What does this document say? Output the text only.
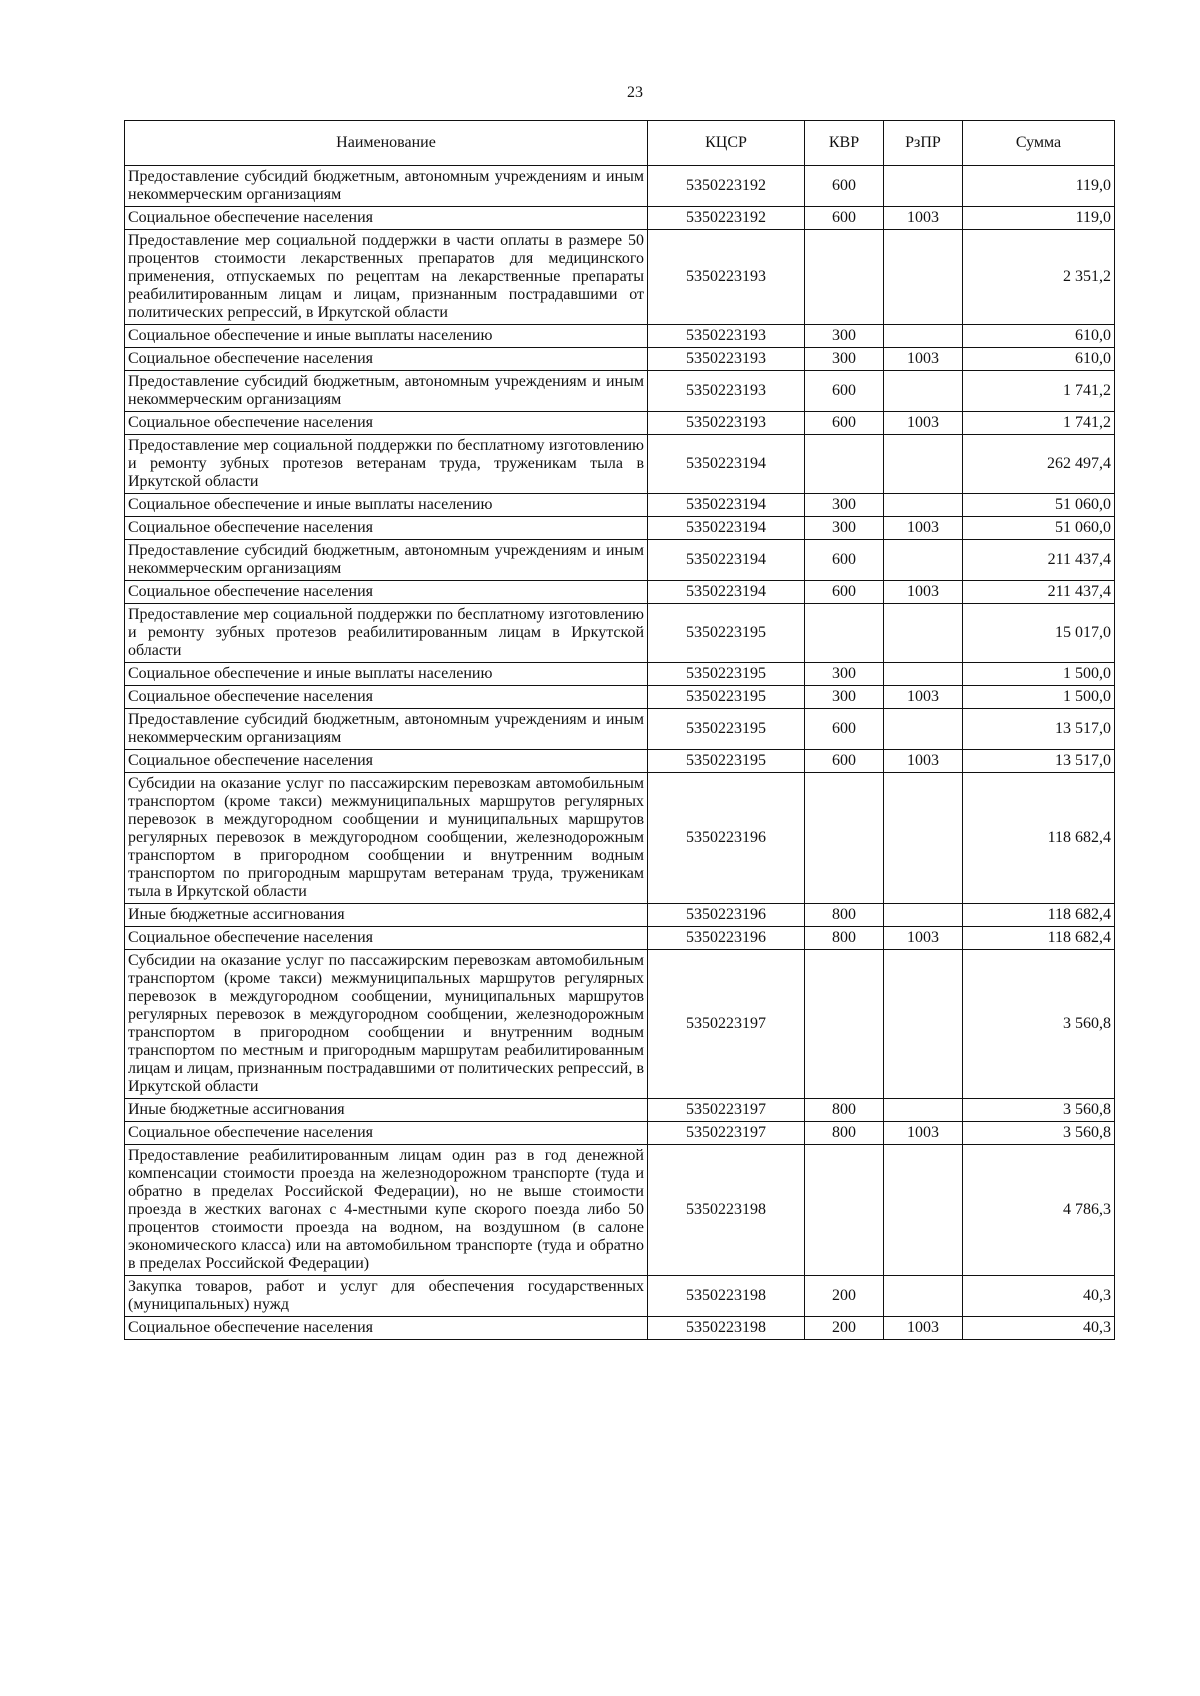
23
Наименование	КЦСР	КВР	РзПР	Сумма
Предоставление субсидий бюджетным, автономным учреждениям и иным некоммерческим организациям	5350223192	600		119,0
Социальное обеспечение населения	5350223192	600	1003	119,0
Предоставление мер социальной поддержки в части оплаты в размере 50 процентов стоимости лекарственных препаратов для медицинского применения, отпускаемых по рецептам на лекарственные препараты реабилитированным лицам и лицам, признанным пострадавшими от политических репрессий, в Иркутской области	5350223193			2 351,2
Социальное обеспечение и иные выплаты населению	5350223193	300		610,0
Социальное обеспечение населения	5350223193	300	1003	610,0
Предоставление субсидий бюджетным, автономным учреждениям и иным некоммерческим организациям	5350223193	600		1 741,2
Социальное обеспечение населения	5350223193	600	1003	1 741,2
Предоставление мер социальной поддержки по бесплатному изготовлению и ремонту зубных протезов ветеранам труда, труженикам тыла в Иркутской области	5350223194			262 497,4
Социальное обеспечение и иные выплаты населению	5350223194	300		51 060,0
Социальное обеспечение населения	5350223194	300	1003	51 060,0
Предоставление субсидий бюджетным, автономным учреждениям и иным некоммерческим организациям	5350223194	600		211 437,4
Социальное обеспечение населения	5350223194	600	1003	211 437,4
Предоставление мер социальной поддержки по бесплатному изготовлению и ремонту зубных протезов реабилитированным лицам в Иркутской области	5350223195			15 017,0
Социальное обеспечение и иные выплаты населению	5350223195	300		1 500,0
Социальное обеспечение населения	5350223195	300	1003	1 500,0
Предоставление субсидий бюджетным, автономным учреждениям и иным некоммерческим организациям	5350223195	600		13 517,0
Социальное обеспечение населения	5350223195	600	1003	13 517,0
Субсидии на оказание услуг по пассажирским перевозкам автомобильным транспортом (кроме такси) межмуниципальных маршрутов регулярных перевозок в междугородном сообщении и муниципальных маршрутов регулярных перевозок в междугородном сообщении, железнодорожным транспортом в пригородном сообщении и внутренним водным транспортом по пригородным маршрутам ветеранам труда, труженикам тыла в Иркутской области	5350223196			118 682,4
Иные бюджетные ассигнования	5350223196	800		118 682,4
Социальное обеспечение населения	5350223196	800	1003	118 682,4
Субсидии на оказание услуг по пассажирским перевозкам автомобильным транспортом (кроме такси) межмуниципальных маршрутов регулярных перевозок в междугородном сообщении, муниципальных маршрутов регулярных перевозок в междугородном сообщении, железнодорожным транспортом в пригородном сообщении и внутренним водным транспортом по местным и пригородным маршрутам реабилитированным лицам и лицам, признанным пострадавшими от политических репрессий, в Иркутской области	5350223197			3 560,8
Иные бюджетные ассигнования	5350223197	800		3 560,8
Социальное обеспечение населения	5350223197	800	1003	3 560,8
Предоставление реабилитированным лицам один раз в год денежной компенсации стоимости проезда на железнодорожном транспорте (туда и обратно в пределах Российской Федерации), но не выше стоимости проезда в жестких вагонах с 4-местными купе скорого поезда либо 50 процентов стоимости проезда на водном, на воздушном (в салоне экономического класса) или на автомобильном транспорте (туда и обратно в пределах Российской Федерации)	5350223198			4 786,3
Закупка товаров, работ и услуг для обеспечения государственных (муниципальных) нужд	5350223198	200		40,3
Социальное обеспечение населения	5350223198	200	1003	40,3
